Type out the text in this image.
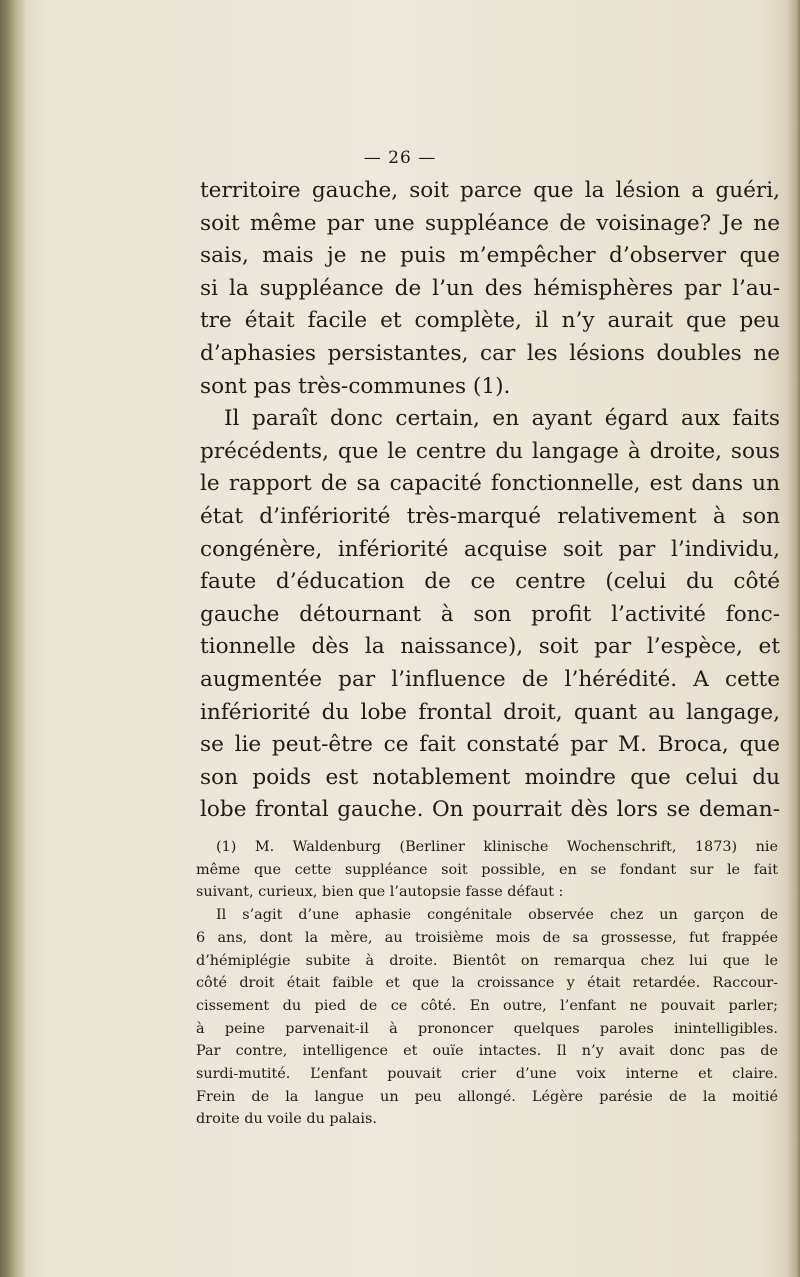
— 26 —
territoire gauche, soit parce que la lésion a guéri,
soit même par une suppléance de voisinage? Je ne
sais, mais je ne puis m’empêcher d’observer que
si la suppléance de l’un des hémisphères par l’au-
tre était facile et complète, il n’y aurait que peu
d’aphasies persistantes, car les lésions doubles ne
sont pas très-communes (1).
Il paraît donc certain, en ayant égard aux faits
précédents, que le centre du langage à droite, sous
le rapport de sa capacité fonctionnelle, est dans un
état d’infériorité très-marqué relativement à son
congénère, infériorité acquise soit par l’individu,
faute d’éducation de ce centre (celui du côté
gauche détournant à son profit l’activité fonc-
tionnelle dès la naissance), soit par l’espèce, et
augmentée par l’influence de l’hérédité. A cette
infériorité du lobe frontal droit, quant au langage,
se lie peut-être ce fait constaté par M. Broca, que
son poids est notablement moindre que celui du
lobe frontal gauche. On pourrait dès lors se deman-
(1) M. Waldenburg (Berliner klinische Wochenschrift, 1873) nie
même que cette suppléance soit possible, en se fondant sur le fait
suivant, curieux, bien que l’autopsie fasse défaut :
Il s’agit d’une aphasie congénitale observée chez un garçon de
6 ans, dont la mère, au troisième mois de sa grossesse, fut frappée
d’hémiplégie subite à droite. Bientôt on remarqua chez lui que le
côté droit était faible et que la croissance y était retardée. Raccour-
cissement du pied de ce côté. En outre, l’enfant ne pouvait parler;
à peine parvenait-il à prononcer quelques paroles inintelligibles.
Par contre, intelligence et ouïe intactes. Il n’y avait donc pas de
surdi-mutité. L’enfant pouvait crier d’une voix interne et claire.
Frein de la langue un peu allongé. Légère parésie de la moitié
droite du voile du palais.
